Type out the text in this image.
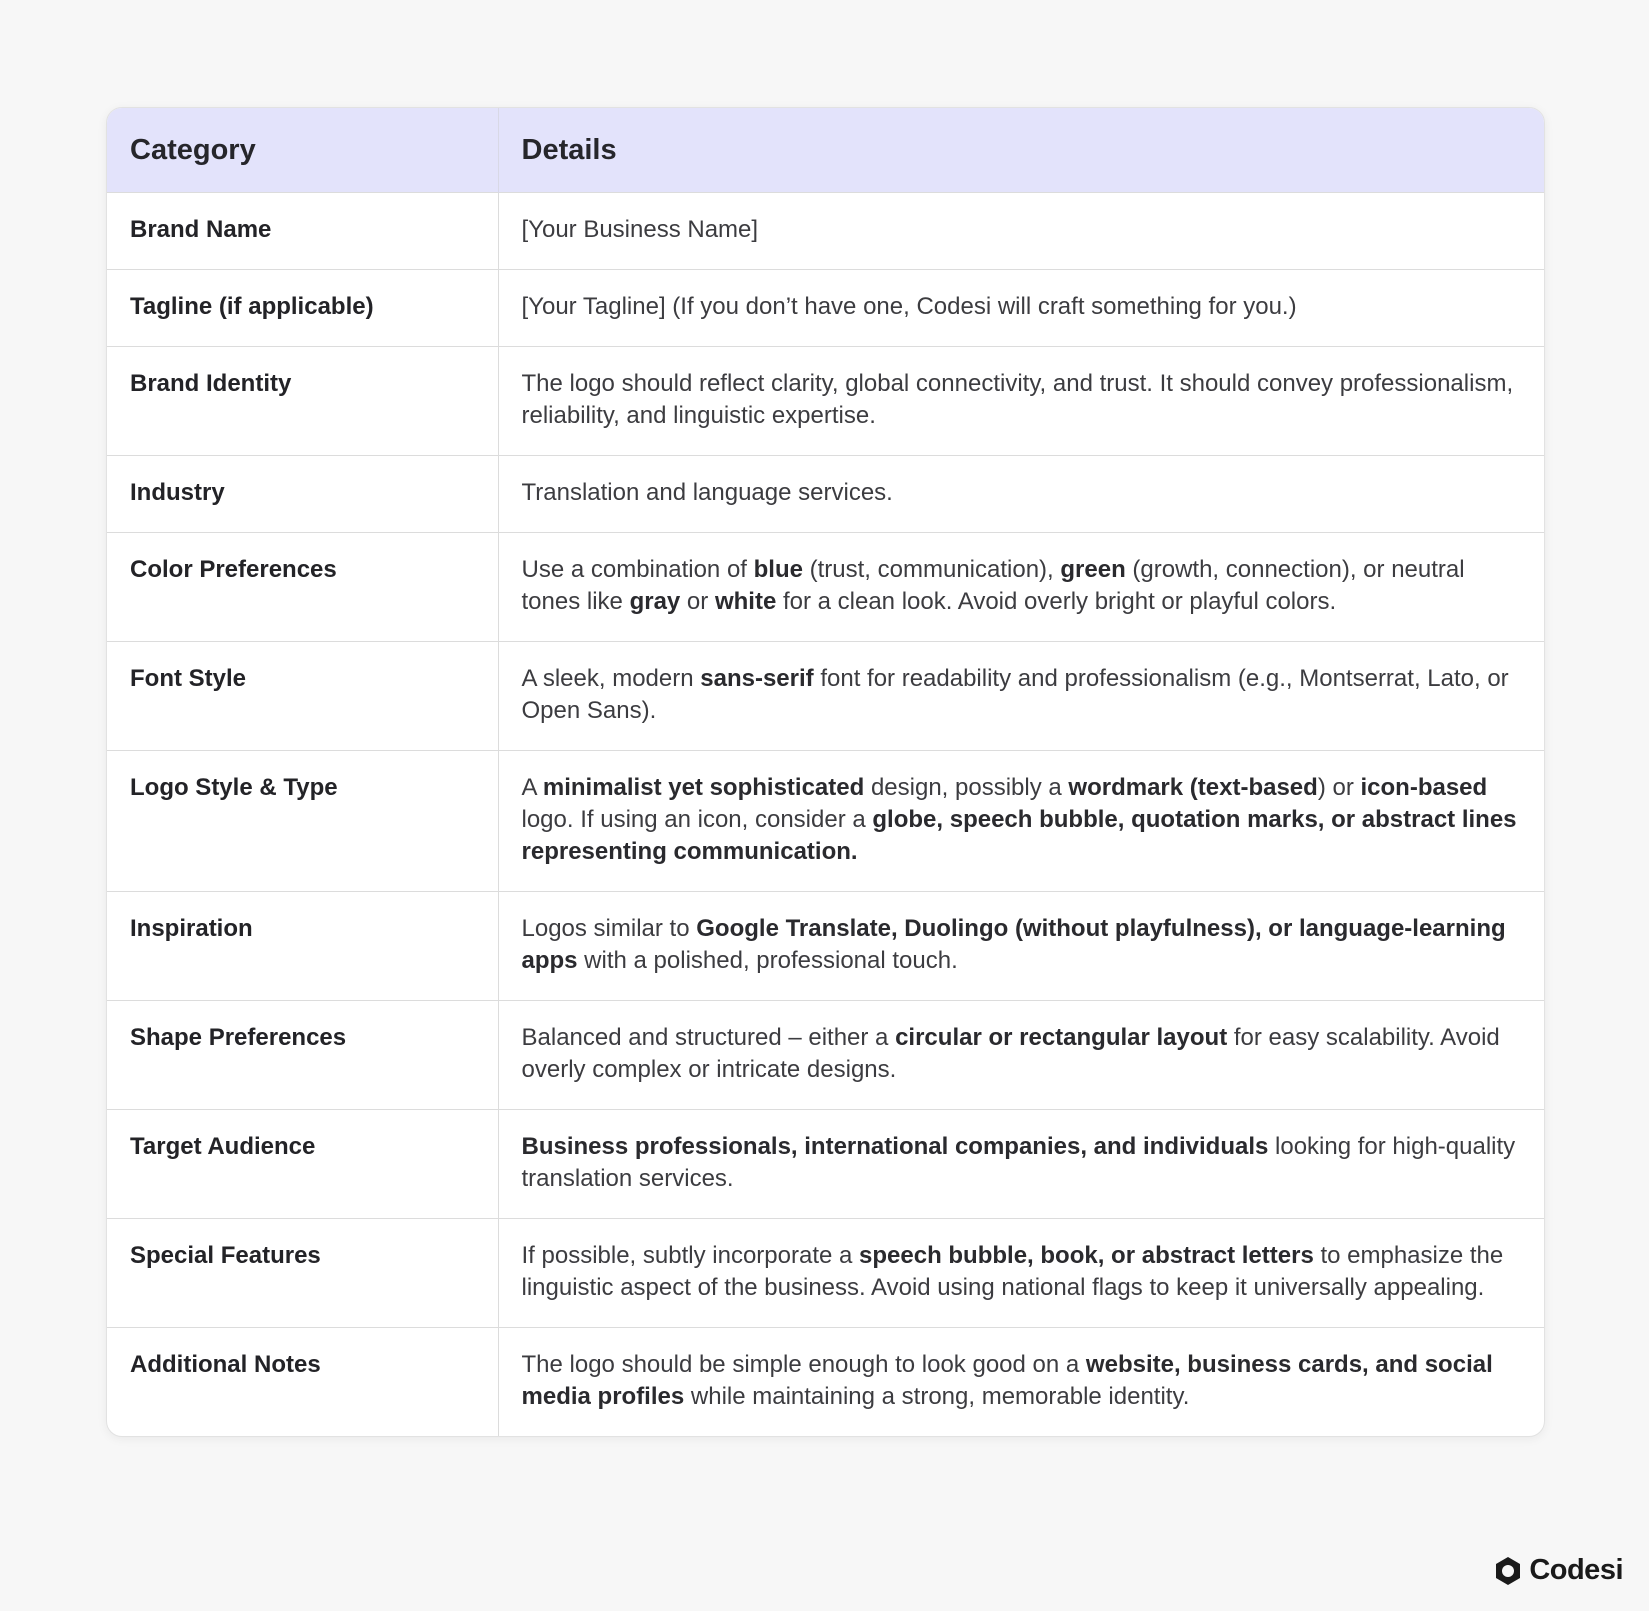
Category	Details
Brand Name	[Your Business Name]
Tagline (if applicable)	[Your Tagline] (If you don’t have one, Codesi will craft something for you.)
Brand Identity	The logo should reflect clarity, global connectivity, and trust. It should convey professionalism, reliability, and linguistic expertise.
Industry	Translation and language services.
Color Preferences	Use a combination of blue (trust, communication), green (growth, connection), or neutral tones like gray or white for a clean look. Avoid overly bright or playful colors.
Font Style	A sleek, modern sans-serif font for readability and professionalism (e.g., Montserrat, Lato, or Open Sans).
Logo Style & Type	A minimalist yet sophisticated design, possibly a wordmark (text-based) or icon-based logo. If using an icon, consider a globe, speech bubble, quotation marks, or abstract lines representing communication.
Inspiration	Logos similar to Google Translate, Duolingo (without playfulness), or language-learning apps with a polished, professional touch.
Shape Preferences	Balanced and structured – either a circular or rectangular layout for easy scalability. Avoid overly complex or intricate designs.
Target Audience	Business professionals, international companies, and individuals looking for high-quality translation services.
Special Features	If possible, subtly incorporate a speech bubble, book, or abstract letters to emphasize the linguistic aspect of the business. Avoid using national flags to keep it universally appealing.
Additional Notes	The logo should be simple enough to look good on a website, business cards, and social media profiles while maintaining a strong, memorable identity.
Codesi
